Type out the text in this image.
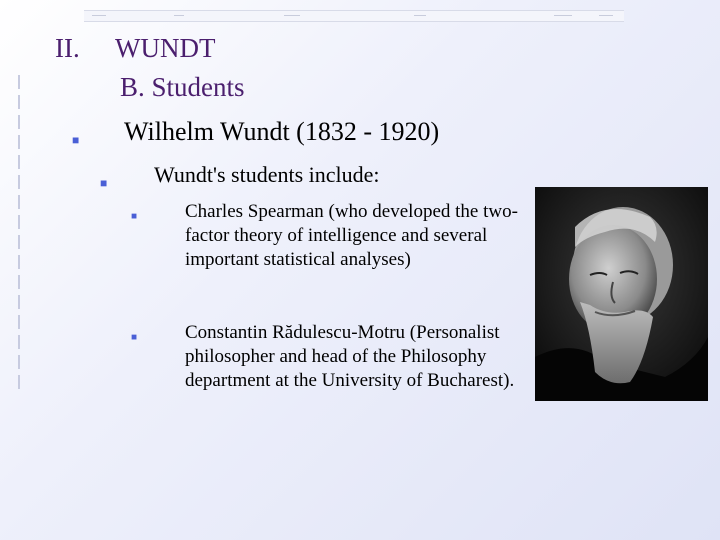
II. WUNDT
B. Students
■ Wilhelm Wundt (1832 - 1920)
■ Wundt's students include:
■	Charles Spearman (who developed the two-factor theory of intelligence and several important statistical analyses)
■	Constantin Rădulescu-Motru (Personalist philosopher and head of the Philosophy department at the University of Bucharest).
